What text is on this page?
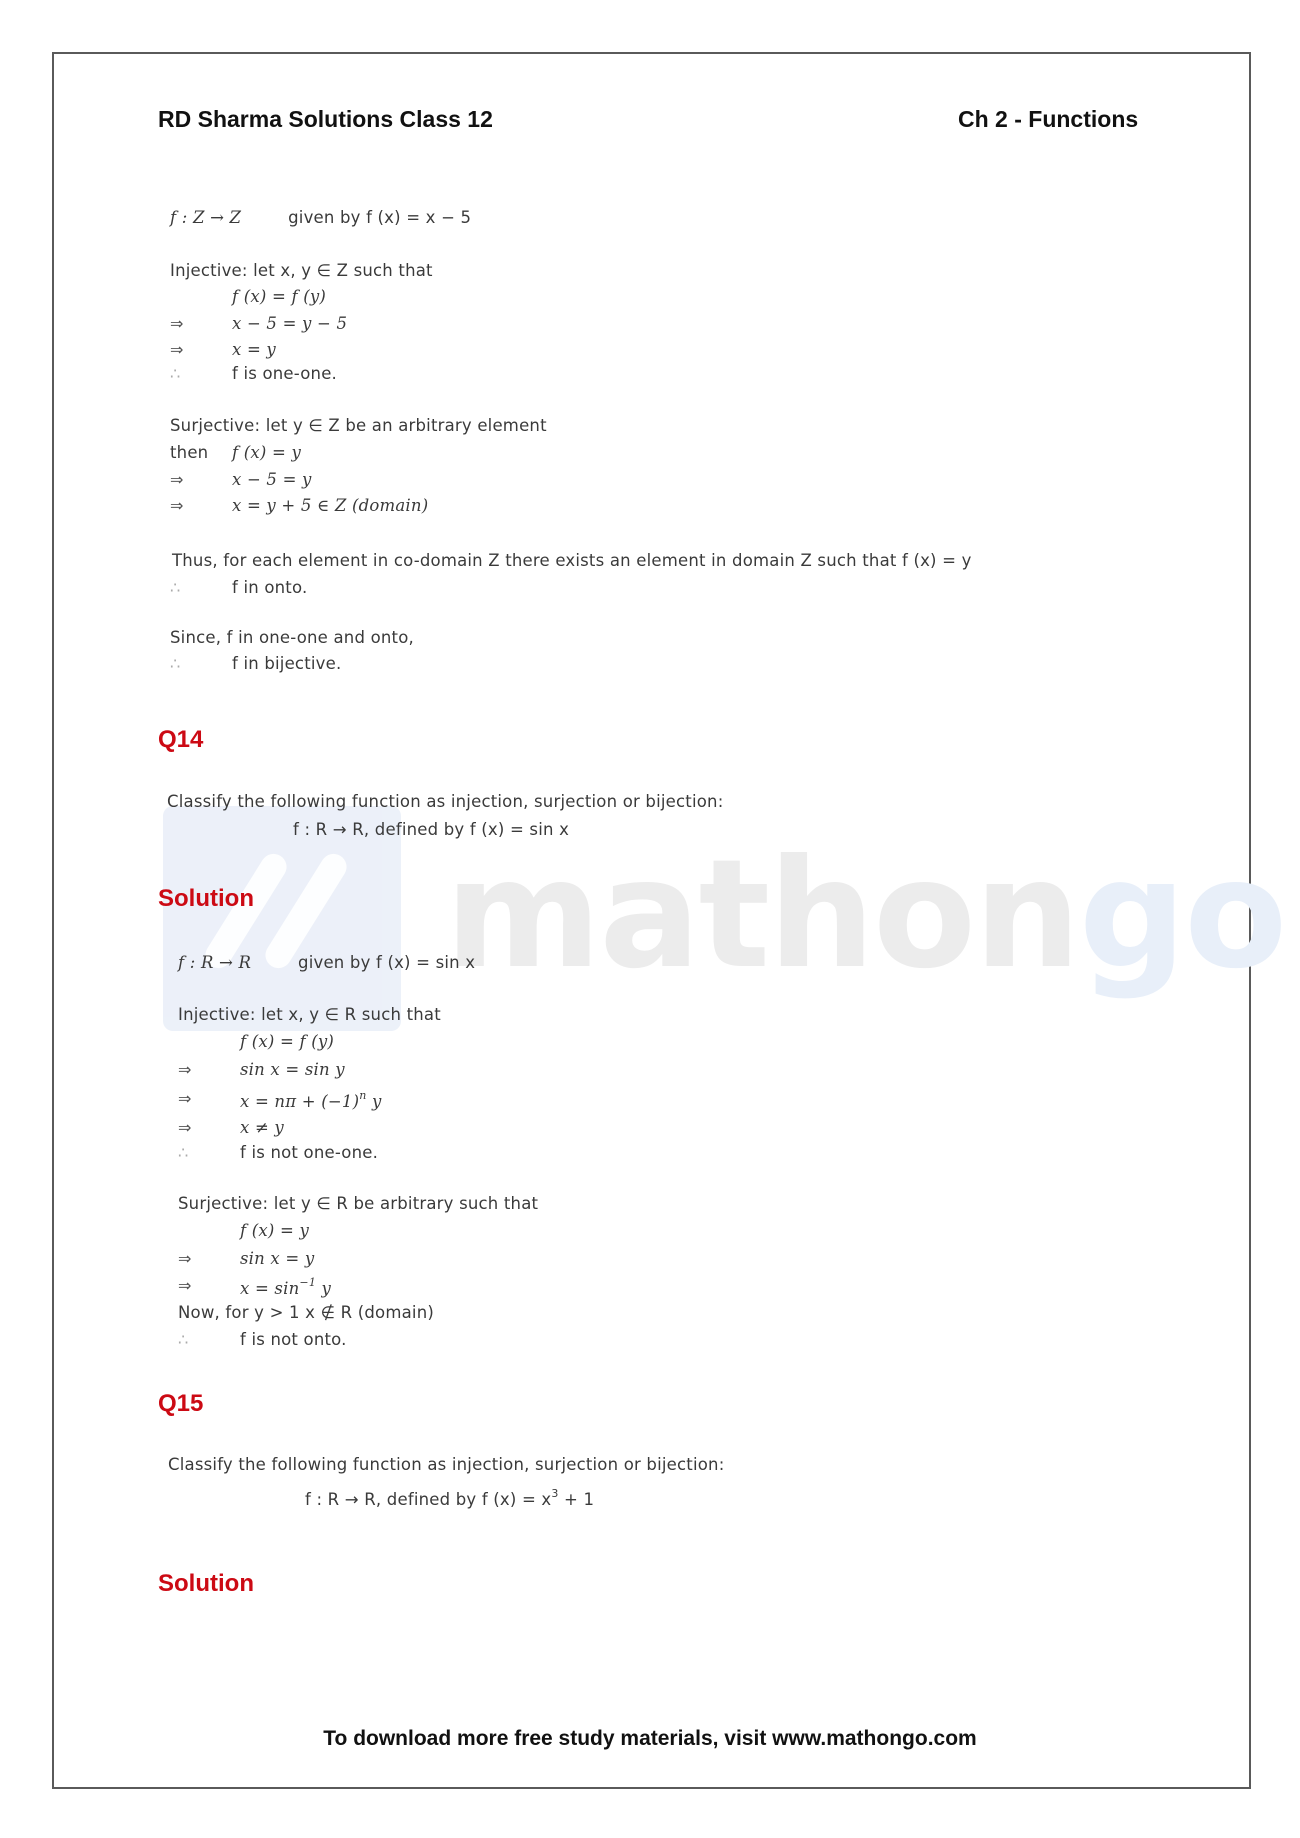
mathongo
RD Sharma Solutions Class 12	Ch 2 - Functions
f : Z → Z	given by f (x) = x − 5
Injective: let x, y ∈ Z such that
f (x) = f (y)
⇒	x − 5 = y − 5
⇒	x = y
∴	f is one-one.
Surjective: let y ∈ Z be an arbitrary element
then f (x) = y
⇒	x − 5 = y
⇒	x = y + 5 ∈ Z (domain)
Thus, for each element in co-domain Z there exists an element in domain Z such that f (x) = y
∴	f in onto.
Since, f in one-one and onto,
∴	f in bijective.
Q14
Classify the following function as injection, surjection or bijection:
f : R → R, defined by f (x) = sin x
Solution
f : R → R	given by f (x) = sin x
Injective: let x, y ∈ R such that
f (x) = f (y)
⇒	sin x = sin y
⇒	$x = n\pi + (-1)^n$ y
⇒	x ≠ y
∴	f is not one-one.
Surjective: let y ∈ R be arbitrary such that
f (x) = y
⇒	sin x = y
⇒	$x = \sin^{-1} y$
Now, for y > 1 x ∉ R (domain)
∴	f is not onto.
Q15
Classify the following function as injection, surjection or bijection:
f : R → R, defined by f $(x) = x^3 + 1$
Solution
To download more free study materials, visit www.mathongo.com
